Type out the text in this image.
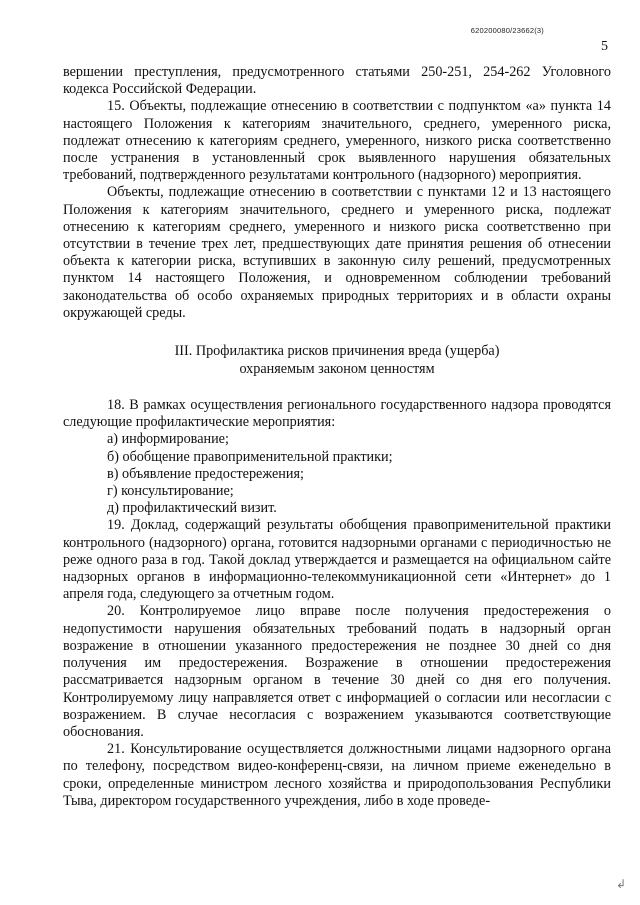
620200080/23662(3)
5

вершении преступления, предусмотренного статьями 250-251, 254-262 Уголовного кодекса Российской Федерации.

15. Объекты, подлежащие отнесению в соответствии с подпунктом «а» пункта 14 настоящего Положения к категориям значительного, среднего, умеренного риска, подлежат отнесению к категориям среднего, умеренного, низкого риска соответственно после устранения в установленный срок выявленного нарушения обязательных требований, подтвержденного результатами контрольного (надзорного) мероприятия.

Объекты, подлежащие отнесению в соответствии с пунктами 12 и 13 настоящего Положения к категориям значительного, среднего и умеренного риска, подлежат отнесению к категориям среднего, умеренного и низкого риска соответственно при отсутствии в течение трех лет, предшествующих дате принятия решения об отнесении объекта к категории риска, вступивших в законную силу решений, предусмотренных пунктом 14 настоящего Положения, и одновременном соблюдении требований законодательства об особо охраняемых природных территориях и в области охраны окружающей среды.

III. Профилактика рисков причинения вреда (ущерба)
охраняемым законом ценностям

18. В рамках осуществления регионального государственного надзора проводятся следующие профилактические мероприятия:

а) информирование;

б) обобщение правоприменительной практики;

в) объявление предостережения;

г) консультирование;

д) профилактический визит.

19. Доклад, содержащий результаты обобщения правоприменительной практики контрольного (надзорного) органа, готовится надзорными органами с периодичностью не реже одного раза в год. Такой доклад утверждается и размещается на официальном сайте надзорных органов в информационно-телекоммуникационной сети «Интернет» до 1 апреля года, следующего за отчетным годом.

20. Контролируемое лицо вправе после получения предостережения о недопустимости нарушения обязательных требований подать в надзорный орган возражение в отношении указанного предостережения не позднее 30 дней со дня получения им предостережения. Возражение в отношении предостережения рассматривается надзорным органом в течение 30 дней со дня его получения. Контролируемому лицу направляется ответ с информацией о согласии или несогласии с возражением. В случае несогласия с возражением указываются соответствующие обоснования.

21. Консультирование осуществляется должностными лицами надзорного органа по телефону, посредством видео-конференц-связи, на личном приеме еженедельно в сроки, определенные министром лесного хозяйства и природопользования Республики Тыва, директором государственного учреждения, либо в ходе проведе-

↲
